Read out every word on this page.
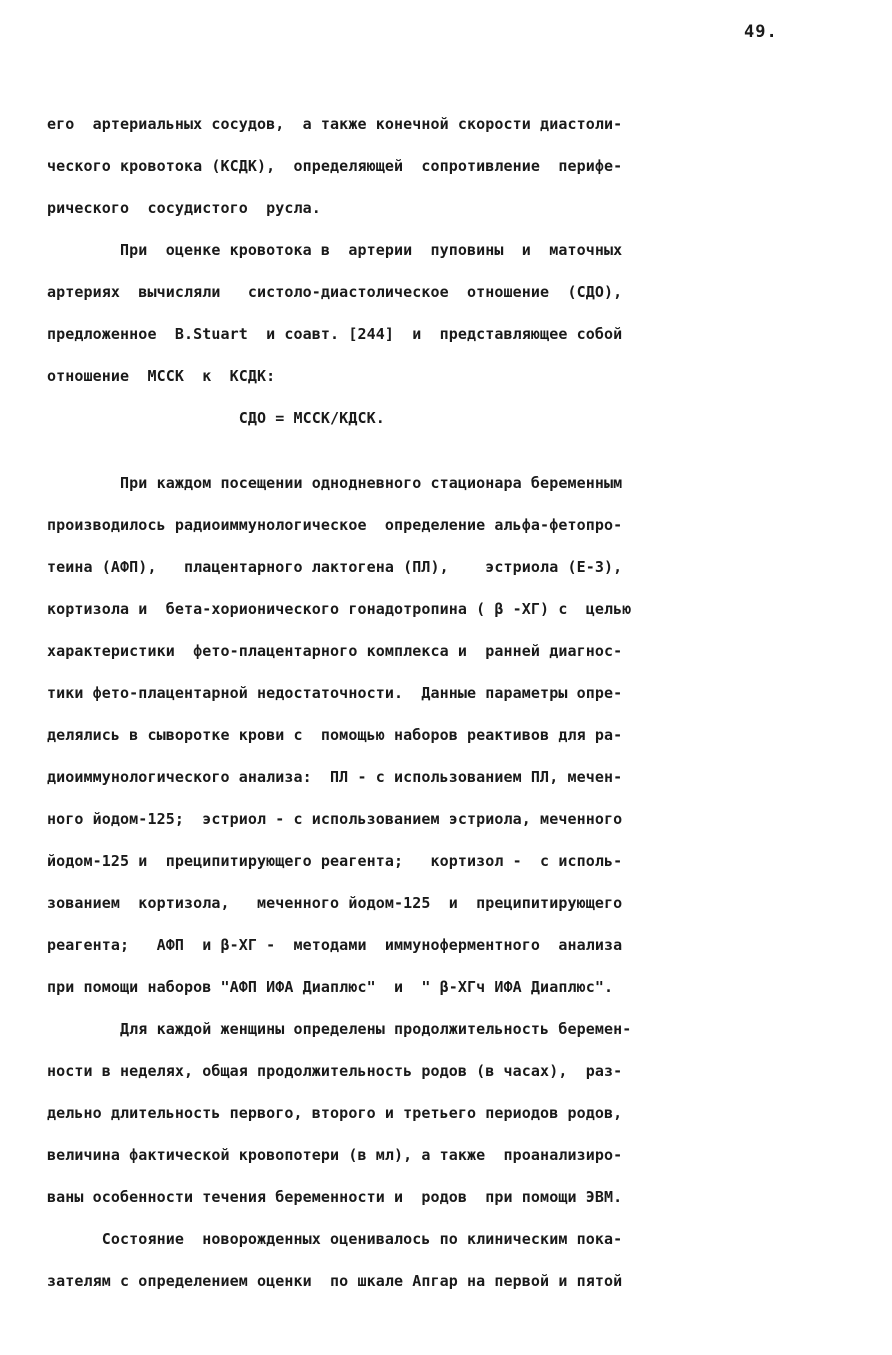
49.
его  артериальных сосудов,  а также конечной скорости диастоли-
ческого кровотока (КСДК),  определяющей  сопротивление  перифе-
рического  сосудистого  русла.
При  оценке кровотока в  артерии  пуповины  и  маточных
артериях  вычисляли   систоло-диастолическое  отношение  (СДО),
предложенное  B.Stuart  и соавт. [244]  и  представляющее собой
отношение  МССК  к  КСДК:
СДО = МССК/КДСК.
При каждом посещении однодневного стационара беременным
производилось радиоиммунологическое  определение альфа-фетопро-
теина (АФП),   плацентарного лактогена (ПЛ),    эстриола (Е-3),
кортизола и  бета-хорионического гонадотропина ( β -ХГ) с  целью
характеристики  фето-плацентарного комплекса и  ранней диагнос-
тики фето-плацентарной недостаточности.  Данные параметры опре-
делялись в сыворотке крови с  помощью наборов реактивов для ра-
диоиммунологического анализа:  ПЛ - с использованием ПЛ, мечен-
ного йодом-125;  эстриол - с использованием эстриола, меченного
йодом-125 и  преципитирующего реагента;   кортизол -  с исполь-
зованием  кортизола,   меченного йодом-125  и  преципитирующего
реагента;   АФП  и β-ХГ -  методами  иммуноферментного  анализа
при помощи наборов "АФП ИФА Диаплюс"  и  " β-ХГч ИФА Диаплюс".
Для каждой женщины определены продолжительность беремен-
ности в неделях, общая продолжительность родов (в часах),  раз-
дельно длительность первого, второго и третьего периодов родов,
величина фактической кровопотери (в мл), а также  проанализиро-
ваны особенности течения беременности и  родов  при помощи ЭВМ.
Состояние  новорожденных оценивалось по клиническим пока-
зателям с определением оценки  по шкале Апгар на первой и пятой
